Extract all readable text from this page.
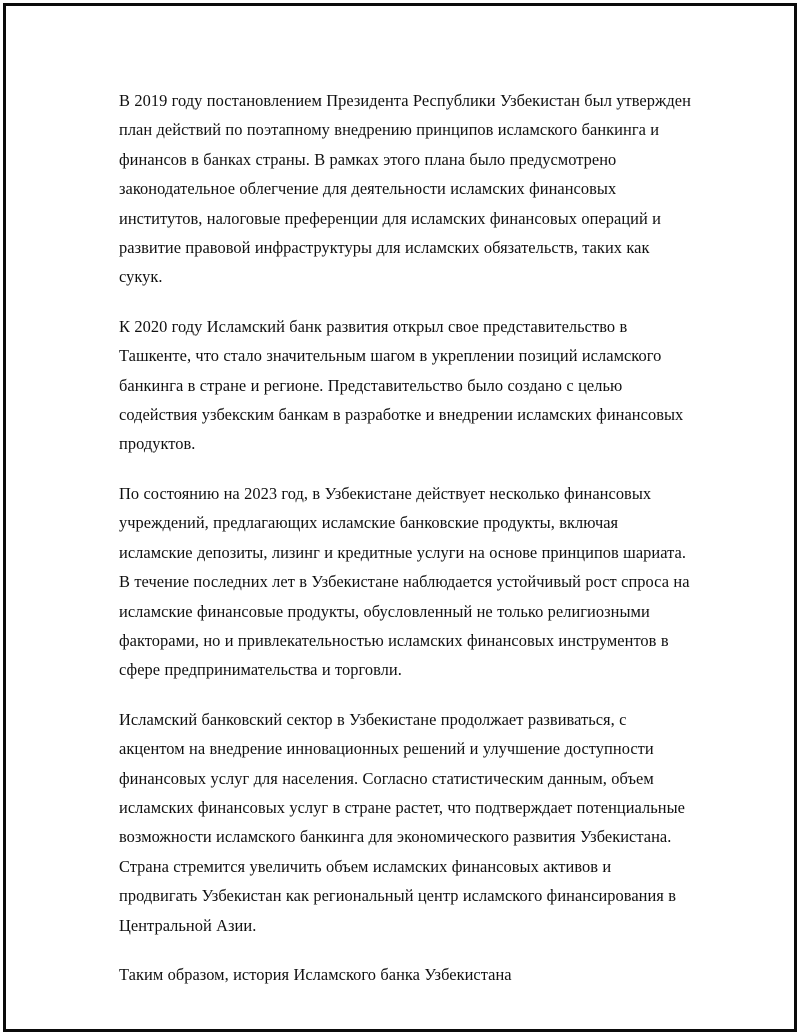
В 2019 году постановлением Президента Республики Узбекистан был утвержден план действий по поэтапному внедрению принципов исламского банкинга и финансов в банках страны. В рамках этого плана было предусмотрено законодательное облегчение для деятельности исламских финансовых институтов, налоговые преференции для исламских финансовых операций и развитие правовой инфраструктуры для исламских обязательств, таких как сукук.

К 2020 году Исламский банк развития открыл свое представительство в Ташкенте, что стало значительным шагом в укреплении позиций исламского банкинга в стране и регионе. Представительство было создано с целью содействия узбекским банкам в разработке и внедрении исламских финансовых продуктов.

По состоянию на 2023 год, в Узбекистане действует несколько финансовых учреждений, предлагающих исламские банковские продукты, включая исламские депозиты, лизинг и кредитные услуги на основе принципов шариата. В течение последних лет в Узбекистане наблюдается устойчивый рост спроса на исламские финансовые продукты, обусловленный не только религиозными факторами, но и привлекательностью исламских финансовых инструментов в сфере предпринимательства и торговли.

Исламский банковский сектор в Узбекистане продолжает развиваться, с акцентом на внедрение инновационных решений и улучшение доступности финансовых услуг для населения. Согласно статистическим данным, объем исламских финансовых услуг в стране растет, что подтверждает потенциальные возможности исламского банкинга для экономического развития Узбекистана. Страна стремится увеличить объем исламских финансовых активов и продвигать Узбекистан как региональный центр исламского финансирования в Центральной Азии.

Таким образом, история Исламского банка Узбекистана
